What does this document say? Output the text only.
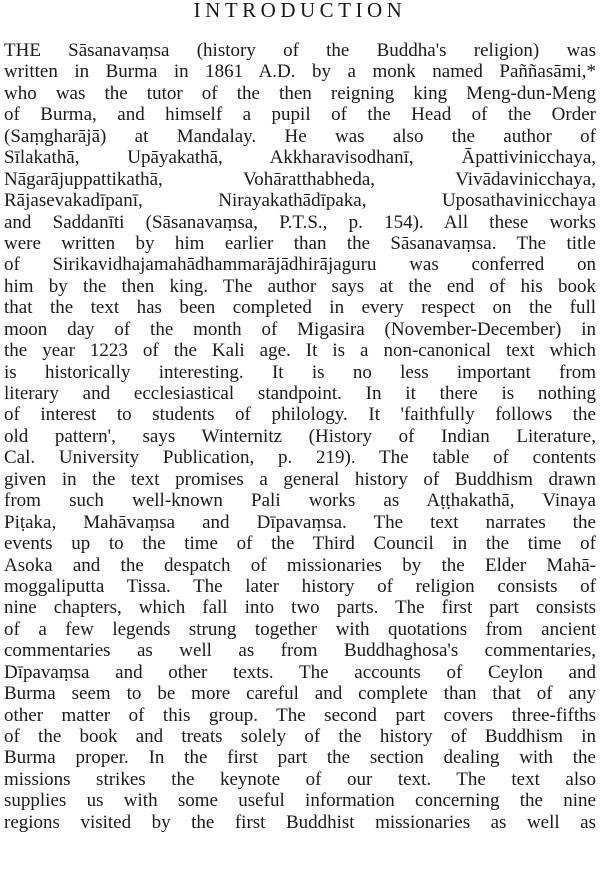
INTRODUCTION
THE Sāsanavaṃsa (history of the Buddha's religion) was
written in Burma in 1861 A.D. by a monk named Paññasāmi,*
who was the tutor of the then reigning king Meng-dun-Meng
of Burma, and himself a pupil of the Head of the Order
(Saṃgharājā) at Mandalay. He was also the author of
Sīlakathā, Upāyakathā, Akkharavisodhanī, Āpattivinicchaya,
Nāgarājuppattikathā, Vohāratthabheda, Vivādavinicchaya,
Rājasevakadīpanī, Nirayakathādīpaka, Uposathavinicchaya
and Saddanīti (Sāsanavaṃsa, P.T.S., p. 154). All these works
were written by him earlier than the Sāsanavaṃsa. The title
of Sirikavidhajamahādhammarājādhirājaguru was conferred on
him by the then king. The author says at the end of his book
that the text has been completed in every respect on the full
moon day of the month of Migasira (November-December) in
the year 1223 of the Kali age. It is a non-canonical text which
is historically interesting. It is no less important from
literary and ecclesiastical standpoint. In it there is nothing
of interest to students of philology. It 'faithfully follows the
old pattern', says Winternitz (History of Indian Literature,
Cal. University Publication, p. 219). The table of contents
given in the text promises a general history of Buddhism drawn
from such well-known Pali works as Aṭṭhakathā, Vinaya
Piṭaka, Mahāvaṃsa and Dīpavaṃsa. The text narrates the
events up to the time of the Third Council in the time of
Asoka and the despatch of missionaries by the Elder Mahā-
moggaliputta Tissa. The later history of religion consists of
nine chapters, which fall into two parts. The first part consists
of a few legends strung together with quotations from ancient
commentaries as well as from Buddhaghosa's commentaries,
Dīpavaṃsa and other texts. The accounts of Ceylon and
Burma seem to be more careful and complete than that of any
other matter of this group. The second part covers three-fifths
of the book and treats solely of the history of Buddhism in
Burma proper. In the first part the section dealing with the
missions strikes the keynote of our text. The text also
supplies us with some useful information concerning the nine
regions visited by the first Buddhist missionaries as well as
